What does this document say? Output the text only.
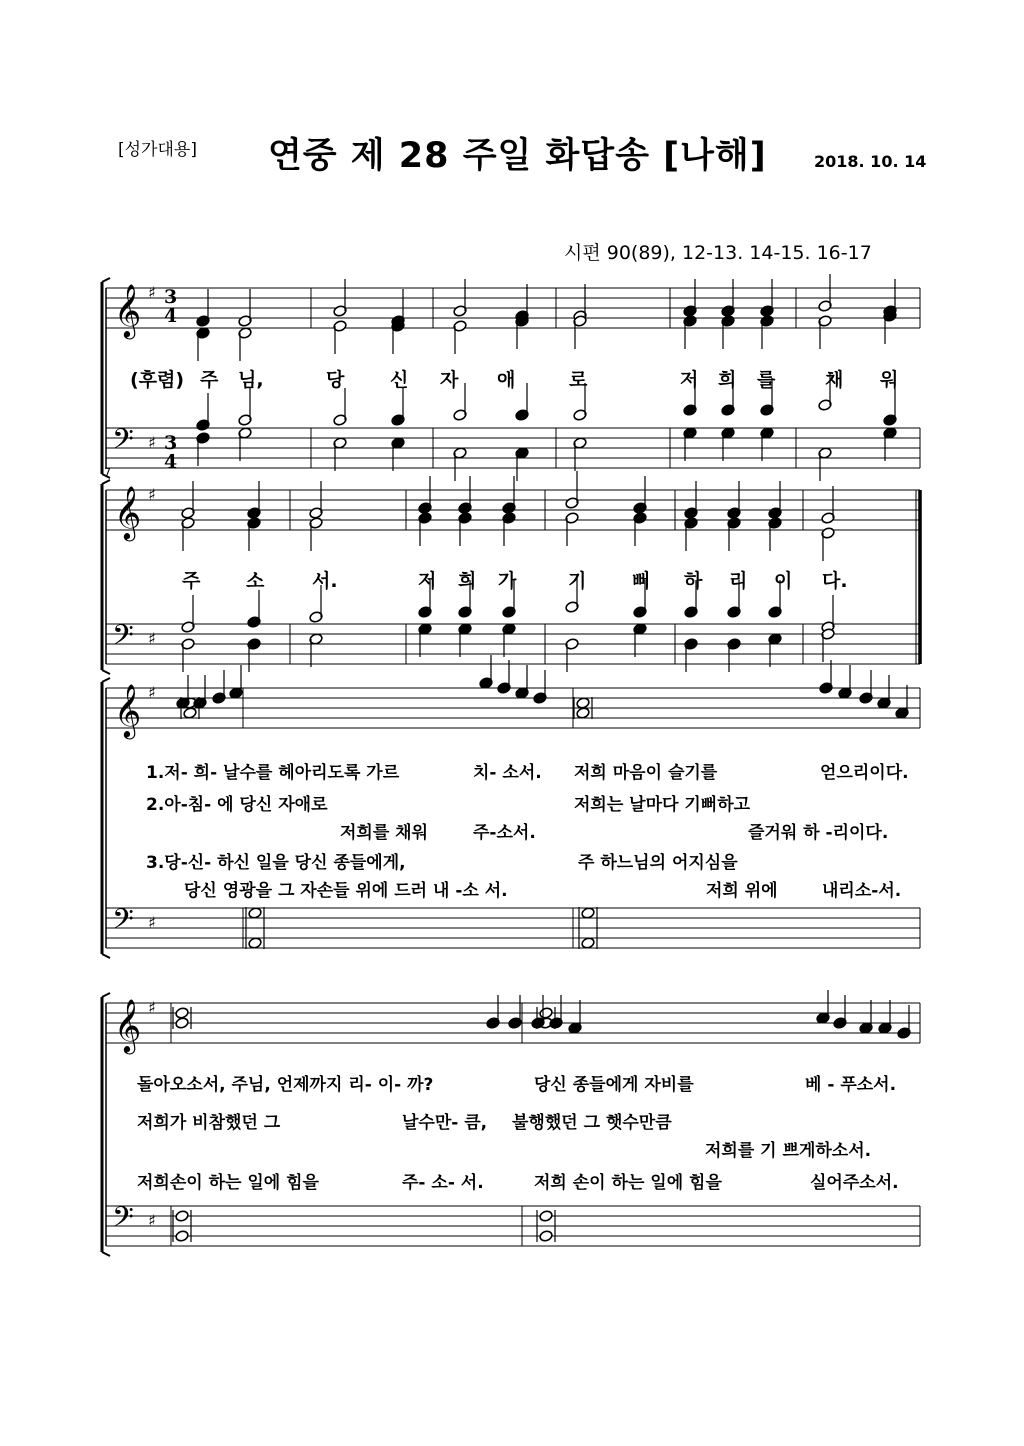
[성가대용] 연중 제 28 주일 화답송 [나해]	2018. 10. 14
시편 90(89), 12-13. 14-15. 16-17
𝄞 ♯
𝄢 ♯
𝄞 ♯
𝄢 ♯
𝄞 ♯
𝄢 ♯
𝄞 ♯
𝄢 ♯
3
4
3
4
7
(후렴) 주 님,	당 신 자 애	로	저 희 를	채 워
주 소	서.	저 희 가	기 뻐 하 리 이 다.
1.저- 희- 날수를 헤아리도록 가르	치- 소서. 저희 마음이 슬기를	얻으리이다.
2.아-침- 에 당신 자애로	저희는 날마다 기뻐하고
저희를 채워	주-소서.	즐거워 하 -리이다.
3.당-신- 하신 일을 당신 종들에게,	주 하느님의 어지심을
당신 영광을 그 자손들 위에 드러 내 -소 서.	저희 위에	내리소-서.
돌아오소서, 주님, 언제까지 리- 이- 까?	당신 종들에게 자비를	베 - 푸소서.
저희가 비참했던 그	날수만- 큼, 불행했던 그 햇수만큼
저희를 기 쁘게하소서.
저희손이 하는 일에 힘을	주- 소- 서.	저희 손이 하는 일에 힘을	실어주소서.
